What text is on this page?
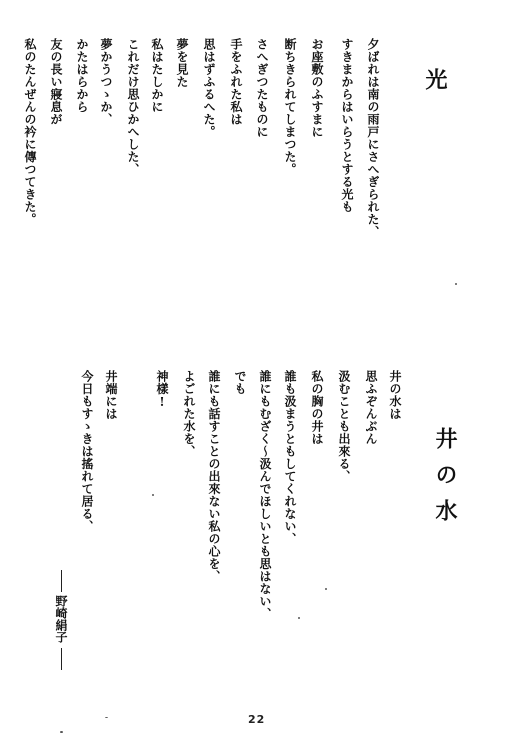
光
夕ばれは南の雨戸にさへぎられた、
すきまからはいらうとする光も
お座敷のふすまに
断ちきられてしまつた。
さへぎつたものに
手をふれた私は
思はずふるへた。
夢を見た
私はたしかに
これだけ思ひかへした、
夢かうつゝか、
かたはらから
友の長い寢息が
私のたんぜんの衿に傳つてきた。
井の水
井の水は
思ふぞんぶん
汲むことも出來る、
私の胸の井は
誰も汲まうともしてくれない、
誰にもむざく〜汲んでほしいとも思はない、
でも
誰にも話すことの出來ない私の心を、
よごれた水を、
神樣!
井端には
今日もすゝきは搖れて居る、
野崎絹子
22
